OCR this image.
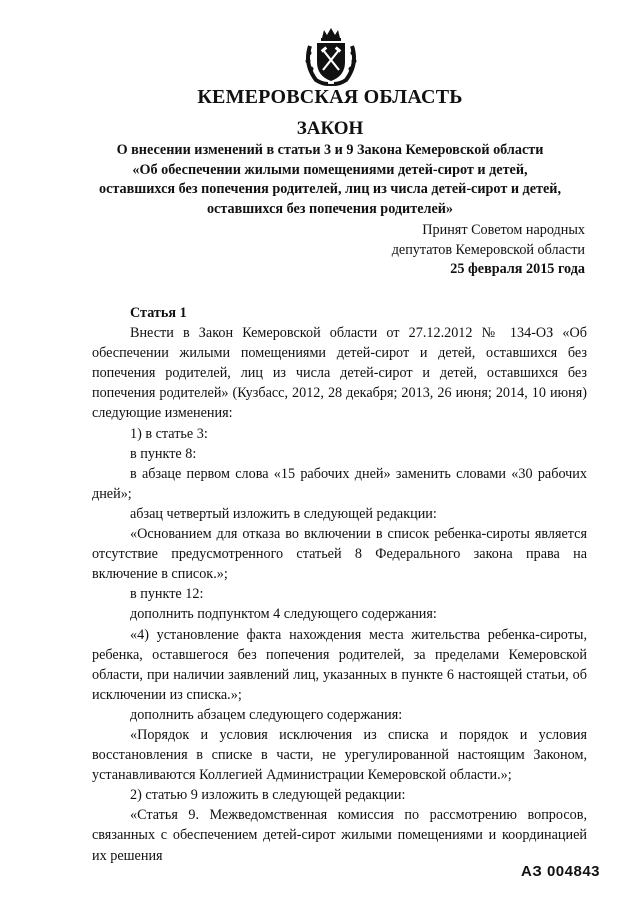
КЕМЕРОВСКАЯ ОБЛАСТЬ
ЗАКОН
О внесении изменений в статьи 3 и 9 Закона Кемеровской области
«Об обеспечении жилыми помещениями детей-сирот и детей,
оставшихся без попечения родителей, лиц из числа детей-сирот и детей,
оставшихся без попечения родителей»
Принят Советом народных
депутатов Кемеровской области
25 февраля 2015 года

Статья 1

Внести в Закон Кемеровской области от 27.12.2012 № 134-ОЗ «Об обеспечении жилыми помещениями детей-сирот и детей, оставшихся без попечения родителей, лиц из числа детей-сирот и детей, оставшихся без попечения родителей» (Кузбасс, 2012, 28 декабря; 2013, 26 июня; 2014, 10 июня) следующие изменения:

1) в статье 3:

в пункте 8:

в абзаце первом слова «15 рабочих дней» заменить словами «30 рабочих дней»;

абзац четвертый изложить в следующей редакции:

«Основанием для отказа во включении в список ребенка-сироты является отсутствие предусмотренного статьей 8 Федерального закона права на включение в список.»;

в пункте 12:

дополнить подпунктом 4 следующего содержания:

«4) установление факта нахождения места жительства ребенка-сироты, ребенка, оставшегося без попечения родителей, за пределами Кемеровской области, при наличии заявлений лиц, указанных в пункте 6 настоящей статьи, об исключении из списка.»;

дополнить абзацем следующего содержания:

«Порядок и условия исключения из списка и порядок и условия восстановления в списке в части, не урегулированной настоящим Законом, устанавливаются Коллегией Администрации Кемеровской области.»;

2) статью 9 изложить в следующей редакции:

«Статья 9. Межведомственная комиссия по рассмотрению вопросов, связанных с обеспечением детей-сирот жилыми помещениями и координацией их решения

АЗ 004843
